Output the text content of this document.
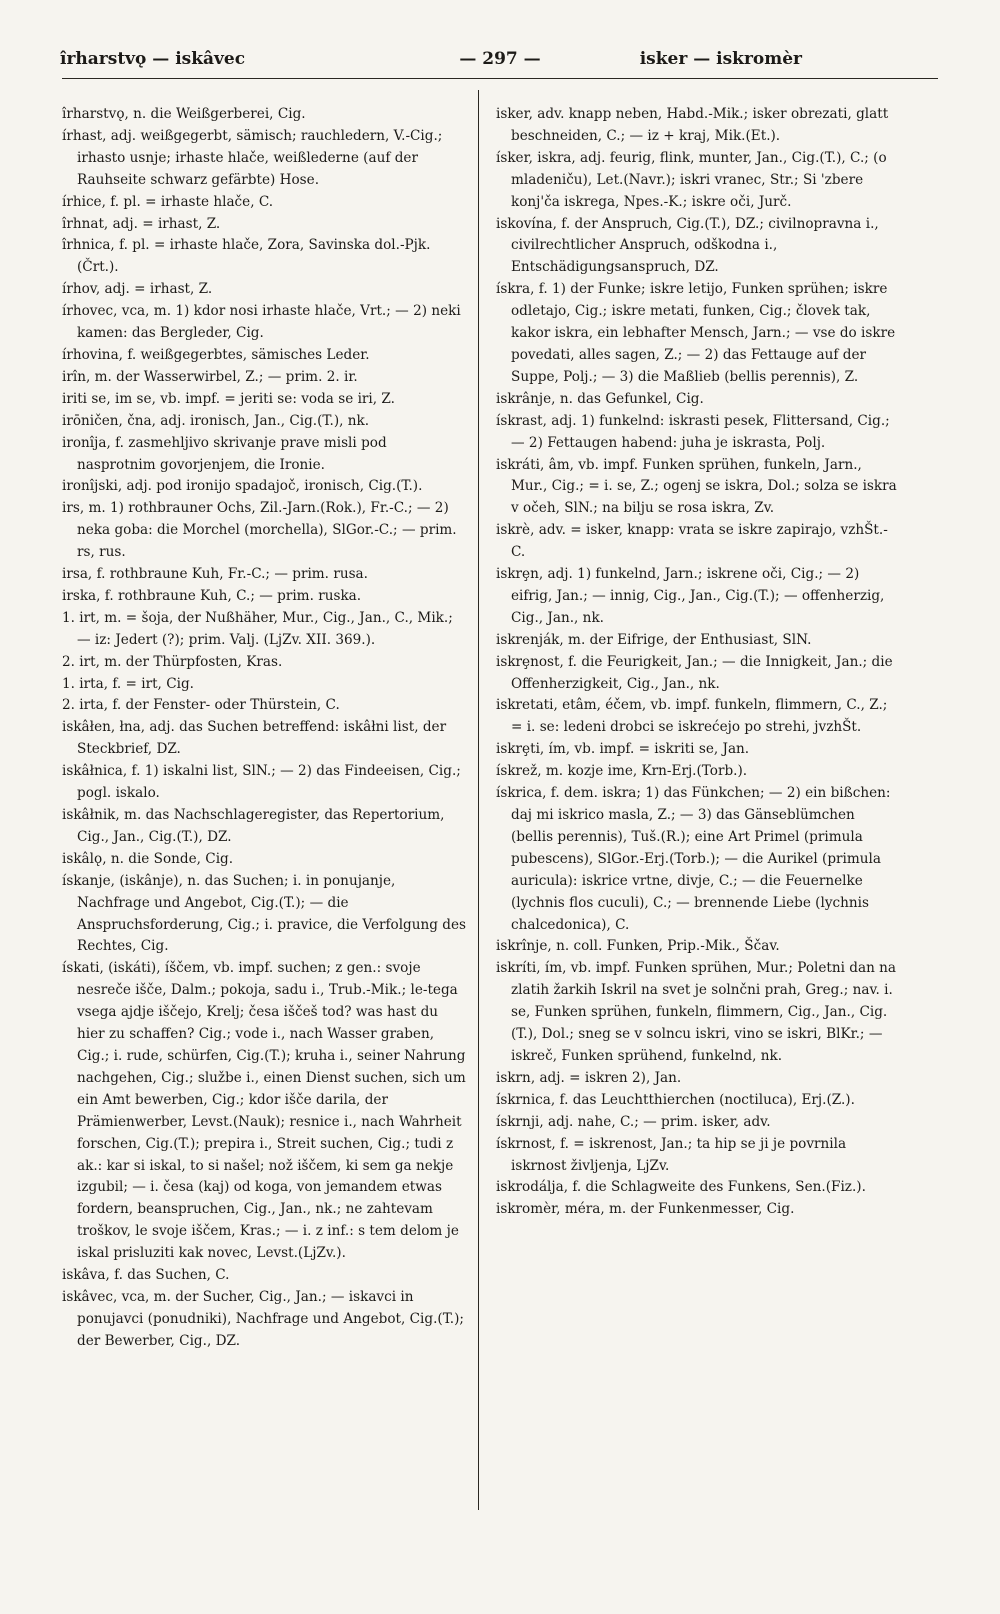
îrharstvǫ — iskâvec	— 297 —	isker — iskromèr

îrharstvǫ, n. die Weißgerberei, Cig.

írhast, adj. weißgegerbt, sämisch; rauchledern, V.-Cig.; irhasto usnje; irhaste hlače, weißlederne (auf der Rauhseite schwarz gefärbte) Hose.

írhice, f. pl. = irhaste hlače, C.

îrhnat, adj. = irhast, Z.

îrhnica, f. pl. = irhaste hlače, Zora, Savinska dol.-Pjk.(Črt.).

írhov, adj. = irhast, Z.

írhovec, vca, m. 1) kdor nosi irhaste hlače, Vrt.; — 2) neki kamen: das Bergleder, Cig.

írhovina, f. weißgegerbtes, sämisches Leder.

irîn, m. der Wasserwirbel, Z.; — prim. 2. ir.

iriti se, im se, vb. impf. = jeriti se: voda se iri, Z.

irōničen, čna, adj. ironisch, Jan., Cig.(T.), nk.

ironîja, f. zasmehljivo skrivanje prave misli pod nasprotnim govorjenjem, die Ironie.

ironîjski, adj. pod ironijo spadajoč, ironisch, Cig.(T.).

irs, m. 1) rothbrauner Ochs, Zil.-Jarn.(Rok.), Fr.-C.; — 2) neka goba: die Morchel (morchella), SlGor.-C.; — prim. rs, rus.

irsa, f. rothbraune Kuh, Fr.-C.; — prim. rusa.

irska, f. rothbraune Kuh, C.; — prim. ruska.

1. irt, m. = šoja, der Nußhäher, Mur., Cig., Jan., C., Mik.; — iz: Jedert (?); prim. Valj. (LjZv. XII. 369.).

2. irt, m. der Thürpfosten, Kras.

1. irta, f. = irt, Cig.

2. irta, f. der Fenster- oder Thürstein, C.

iskâłen, łna, adj. das Suchen betreffend: iskâłni list, der Steckbrief, DZ.

iskâłnica, f. 1) iskalni list, SlN.; — 2) das Findeeisen, Cig.; pogl. iskalo.

iskâłnik, m. das Nachschlageregister, das Repertorium, Cig., Jan., Cig.(T.), DZ.

iskâlǫ, n. die Sonde, Cig.

ískanje, (iskânje), n. das Suchen; i. in ponujanje, Nachfrage und Angebot, Cig.(T.); — die Anspruchsforderung, Cig.; i. pravice, die Verfolgung des Rechtes, Cig.

ískati, (iskáti), íščem, vb. impf. suchen; z gen.: svoje nesreče išče, Dalm.; pokoja, sadu i., Trub.-Mik.; le-tega vsega ajdje iščejo, Krelj; česa iščeš tod? was hast du hier zu schaffen? Cig.; vode i., nach Wasser graben, Cig.; i. rude, schürfen, Cig.(T.); kruha i., seiner Nahrung nachgehen, Cig.; službe i., einen Dienst suchen, sich um ein Amt bewerben, Cig.; kdor išče darila, der Prämienwerber, Levst.(Nauk); resnice i., nach Wahrheit forschen, Cig.(T.); prepira i., Streit suchen, Cig.; tudi z ak.: kar si iskal, to si našel; nož iščem, ki sem ga nekje izgubil; — i. česa (kaj) od koga, von jemandem etwas fordern, beanspruchen, Cig., Jan., nk.; ne zahtevam troškov, le svoje iščem, Kras.; — i. z inf.: s tem delom je iskal prisluziti kak novec, Levst.(LjZv.).

iskâva, f. das Suchen, C.

iskâvec, vca, m. der Sucher, Cig., Jan.; — iskavci in ponujavci (ponudniki), Nachfrage und Angebot, Cig.(T.); der Bewerber, Cig., DZ.

isker, adv. knapp neben, Habd.-Mik.; isker obrezati, glatt beschneiden, C.; — iz + kraj, Mik.(Et.).

ísker, iskra, adj. feurig, flink, munter, Jan., Cig.(T.), C.; (o mladeniču), Let.(Navr.); iskri vranec, Str.; Si 'zbere konj'ča iskrega, Npes.-K.; iskre oči, Jurč.

iskovína, f. der Anspruch, Cig.(T.), DZ.; civilnopravna i., civilrechtlicher Anspruch, odškodna i., Entschädigungsanspruch, DZ.

ískra, f. 1) der Funke; iskre letijo, Funken sprühen; iskre odletajo, Cig.; iskre metati, funken, Cig.; človek tak, kakor iskra, ein lebhafter Mensch, Jarn.; — vse do iskre povedati, alles sagen, Z.; — 2) das Fettauge auf der Suppe, Polj.; — 3) die Maßlieb (bellis perennis), Z.

iskrânje, n. das Gefunkel, Cig.

ískrast, adj. 1) funkelnd: iskrasti pesek, Flittersand, Cig.; — 2) Fettaugen habend: juha je iskrasta, Polj.

iskráti, âm, vb. impf. Funken sprühen, funkeln, Jarn., Mur., Cig.; = i. se, Z.; ogenj se iskra, Dol.; solza se iskra v očeh, SlN.; na bilju se rosa iskra, Zv.

iskrè, adv. = isker, knapp: vrata se iskre zapirajo, vzhŠt.-C.

iskrȩn, adj. 1) funkelnd, Jarn.; iskrene oči, Cig.; — 2) eifrig, Jan.; — innig, Cig., Jan., Cig.(T.); — offenherzig, Cig., Jan., nk.

iskrenják, m. der Eifrige, der Enthusiast, SlN.

iskrȩnost, f. die Feurigkeit, Jan.; — die Innigkeit, Jan.; die Offenherzigkeit, Cig., Jan., nk.

iskretati, etâm, éčem, vb. impf. funkeln, flimmern, C., Z.; = i. se: ledeni drobci se iskrećejo po strehi, jvzhŠt.

iskrȩti, ím, vb. impf. = iskriti se, Jan.

ískrež, m. kozje ime, Krn-Erj.(Torb.).

ískrica, f. dem. iskra; 1) das Fünkchen; — 2) ein bißchen: daj mi iskrico masla, Z.; — 3) das Gänseblümchen (bellis perennis), Tuš.(R.); eine Art Primel (primula pubescens), SlGor.-Erj.(Torb.); — die Aurikel (primula auricula): iskrice vrtne, divje, C.; — die Feuernelke (lychnis flos cuculi), C.; — brennende Liebe (lychnis chalcedonica), C.

iskrînje, n. coll. Funken, Prip.-Mik., Ščav.

iskríti, ím, vb. impf. Funken sprühen, Mur.; Poletni dan na zlatih žarkih Iskril na svet je solnčni prah, Greg.; nav. i. se, Funken sprühen, funkeln, flimmern, Cig., Jan., Cig.(T.), Dol.; sneg se v solncu iskri, vino se iskri, BlKr.; — iskreč, Funken sprühend, funkelnd, nk.

iskrn, adj. = iskren 2), Jan.

ískrnica, f. das Leuchtthierchen (noctiluca), Erj.(Z.).

ískrnji, adj. nahe, C.; — prim. isker, adv.

ískrnost, f. = iskrenost, Jan.; ta hip se ji je povrnila iskrnost življenja, LjZv.

iskrodálja, f. die Schlagweite des Funkens, Sen.(Fiz.).

iskromèr, méra, m. der Funkenmesser, Cig.
